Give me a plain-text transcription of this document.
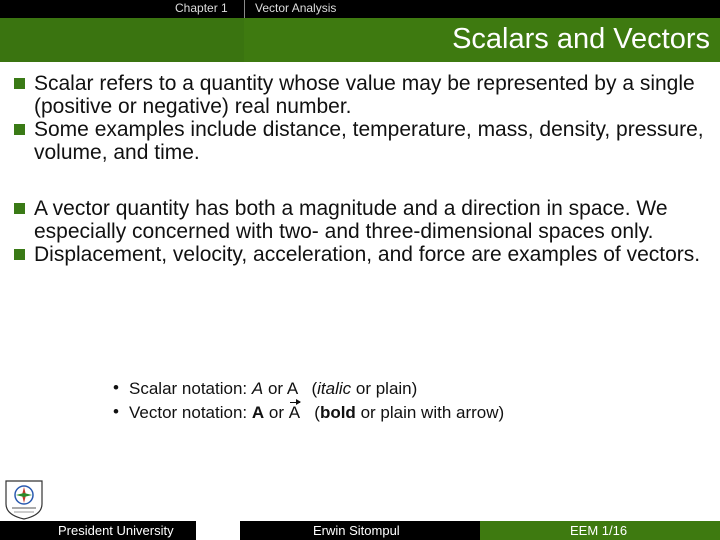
Chapter 1 Vector Analysis
Scalars and Vectors

Scalar refers to a quantity whose value may be represented by a single (positive or negative) real number.

Some examples include distance, temperature, mass, density, pressure, volume, and time.

A vector quantity has both a magnitude and a direction in space. We especially concerned with two- and three-dimensional spaces only.

Displacement, velocity, acceleration, and force are examples of vectors.

• Scalar notation: A or A (italic or plain)
• Vector notation: A or A (bold or plain with arrow)
President University	Erwin Sitompul	EEM 1/16
